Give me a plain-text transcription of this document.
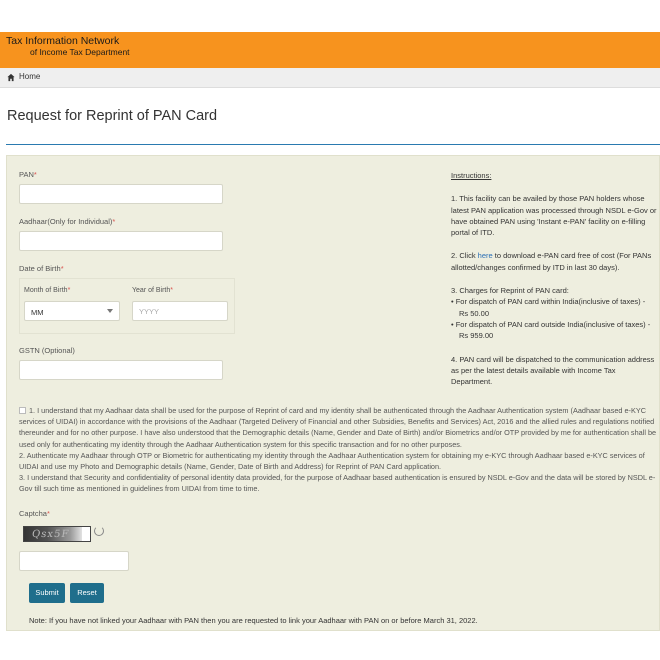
Tax Information Network
of Income Tax Department
Home
Request for Reprint of PAN Card
PAN*
Aadhaar(Only for Individual)*
Date of Birth*
Month of Birth*
MM
Year of Birth*
YYYY
GSTN (Optional)
Instructions:

1. This facility can be availed by those PAN holders whose latest PAN application was processed through NSDL e-Gov or have obtained PAN using 'Instant e-PAN' facility on e-filling portal of ITD.

2. Click here to download e-PAN card free of cost (For PANs allotted/changes confirmed by ITD in last 30 days).

3. Charges for Reprint of PAN card:
• For dispatch of PAN card within India(inclusive of taxes) -
Rs 50.00
• For dispatch of PAN card outside India(inclusive of taxes) -
Rs 959.00

4. PAN card will be dispatched to the communication address as per the latest details available with Income Tax Department.

1. I understand that my Aadhaar data shall be used for the purpose of Reprint of card and my identity shall be authenticated through the Aadhaar Authentication system (Aadhaar based e-KYC services of UIDAI) in accordance with the provisions of the Aadhaar (Targeted Delivery of Financial and other Subsidies, Benefits and Services) Act, 2016 and the allied rules and regulations notified thereunder and for no other purpose. I have also understood that the Demographic details (Name, Gender and Date of Birth) and/or Biometrics and/or OTP provided by me for authentication shall be used only for authenticating my identity through the Aadhaar Authentication system for this specific transaction and for no other purposes.
2. Authenticate my Aadhaar through OTP or Biometric for authenticating my identity through the Aadhaar Authentication system for obtaining my e-KYC through Aadhaar based e-KYC services of UIDAI and use my Photo and Demographic details (Name, Gender, Date of Birth and Address) for Reprint of PAN Card application.
3. I understand that Security and confidentiality of personal identity data provided, for the purpose of Aadhaar based authentication is ensured by NSDL e-Gov and the data will be stored by NSDL e-Gov till such time as mentioned in guidelines from UIDAI from time to time.
Captcha*
Qsx5F
Submit	Reset
Note: If you have not linked your Aadhaar with PAN then you are requested to link your Aadhaar with PAN on or before March 31, 2022.
